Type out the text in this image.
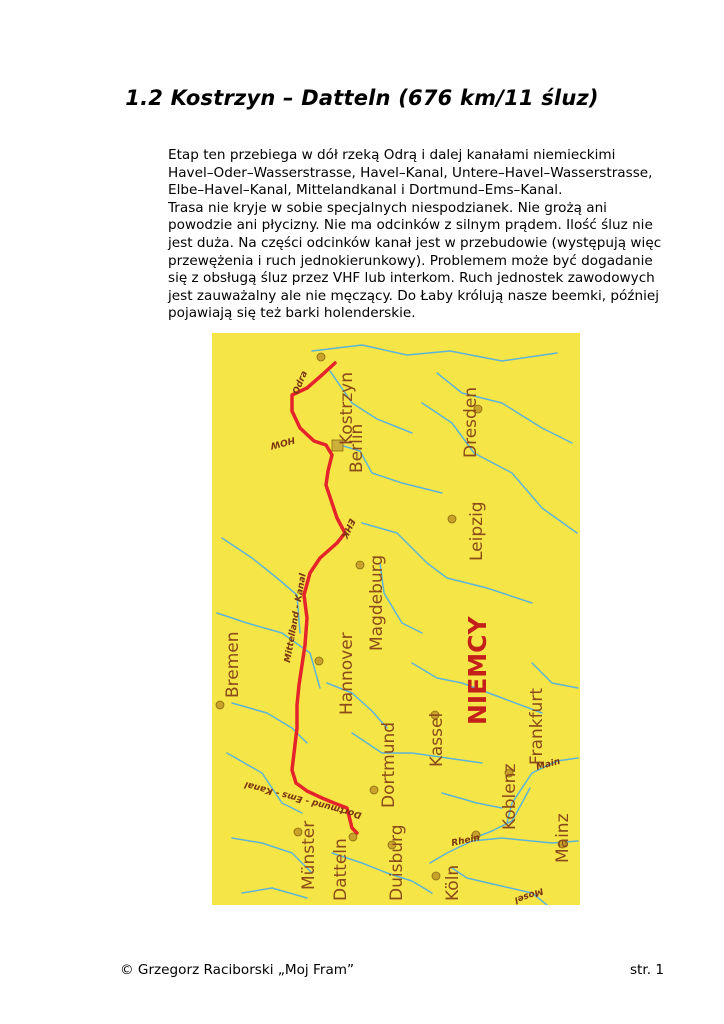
1.2 Kostrzyn – Datteln (676 km/11 śluz)

Etap ten przebiega w dół rzeką Odrą i dalej kanałami niemieckimi
Havel–Oder–Wasserstrasse, Havel–Kanal, Untere–Havel–Wasserstrasse,
Elbe–Havel–Kanal, Mittelandkanal i Dortmund–Ems–Kanal.

Trasa nie kryje w sobie specjalnych niespodzianek. Nie grożą ani
powodzie ani płycizny. Nie ma odcinków z silnym prądem. Ilość śluz nie
jest duża. Na części odcinków kanał jest w przebudowie (występują więc
przewężenia i ruch jednokierunkowy). Problemem może być dogadanie
się z obsługą śluz przez VHF lub interkom. Ruch jednostek zawodowych
jest zauważalny ale nie męczący. Do Łaby królują nasze beemki, później
pojawiają się też barki holenderskie.

Kostrzyn
Berlin	Dresden
Leipzig
Magdeburg
Hannover
Bremen
Kassel
Dortmund	Frankfurt
Koblenz
Münster Datteln Duisburg Köln
Mainz
Odra
HOW
EHK
Mittelland - Kanal
Dortmund - Ems - Kanal
Rhein
Main
Mosel
NIEMCY
© Grzegorz Raciborski „Moj Fram”	str. 1
